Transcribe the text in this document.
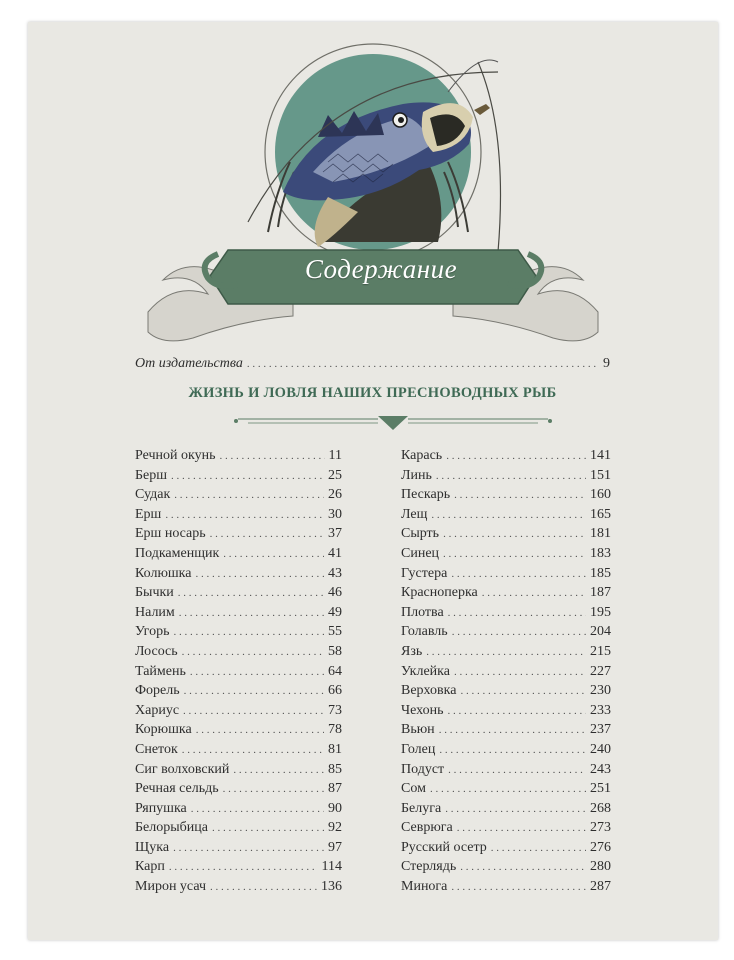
Содержание
От издательства . . .	9
ЖИЗНЬ И ЛОВЛЯ НАШИХ ПРЕСНОВОДНЫХ РЫБ
Речной окунь . . .	11
Берш . . .	25
Судак . . .	26
Ерш . . .	30
Ерш носарь . . .	37
Подкаменщик . . .	41
Колюшка . . .	43
Бычки . . .	46
Налим . . .	49
Угорь . . .	55
Лосось . . .	58
Таймень . . .	64
Форель . . .	66
Хариус . . .	73
Корюшка . . .	78
Снеток . . .	81
Сиг волховский . . .	85
Речная сельдь . . .	87
Ряпушка . . .	90
Белорыбица . . .	92
Щука . . .	97
Карп . . .	114
Мирон усач . . .	136
Карась . . .	141
Линь . . .	151
Пескарь . . .	160
Лещ . . .	165
Сырть . . .	181
Синец . . .	183
Густера . . .	185
Красноперка . . .	187
Плотва . . .	195
Голавль . . .	204
Язь . . .	215
Уклейка . . .	227
Верховка . . .	230
Чехонь . . .	233
Вьюн . . .	237
Голец . . .	240
Подуст . . .	243
Сом . . .	251
Белуга . . .	268
Севрюга . . .	273
Русский осетр . . .	276
Стерлядь . . .	280
Минога . . .	287
